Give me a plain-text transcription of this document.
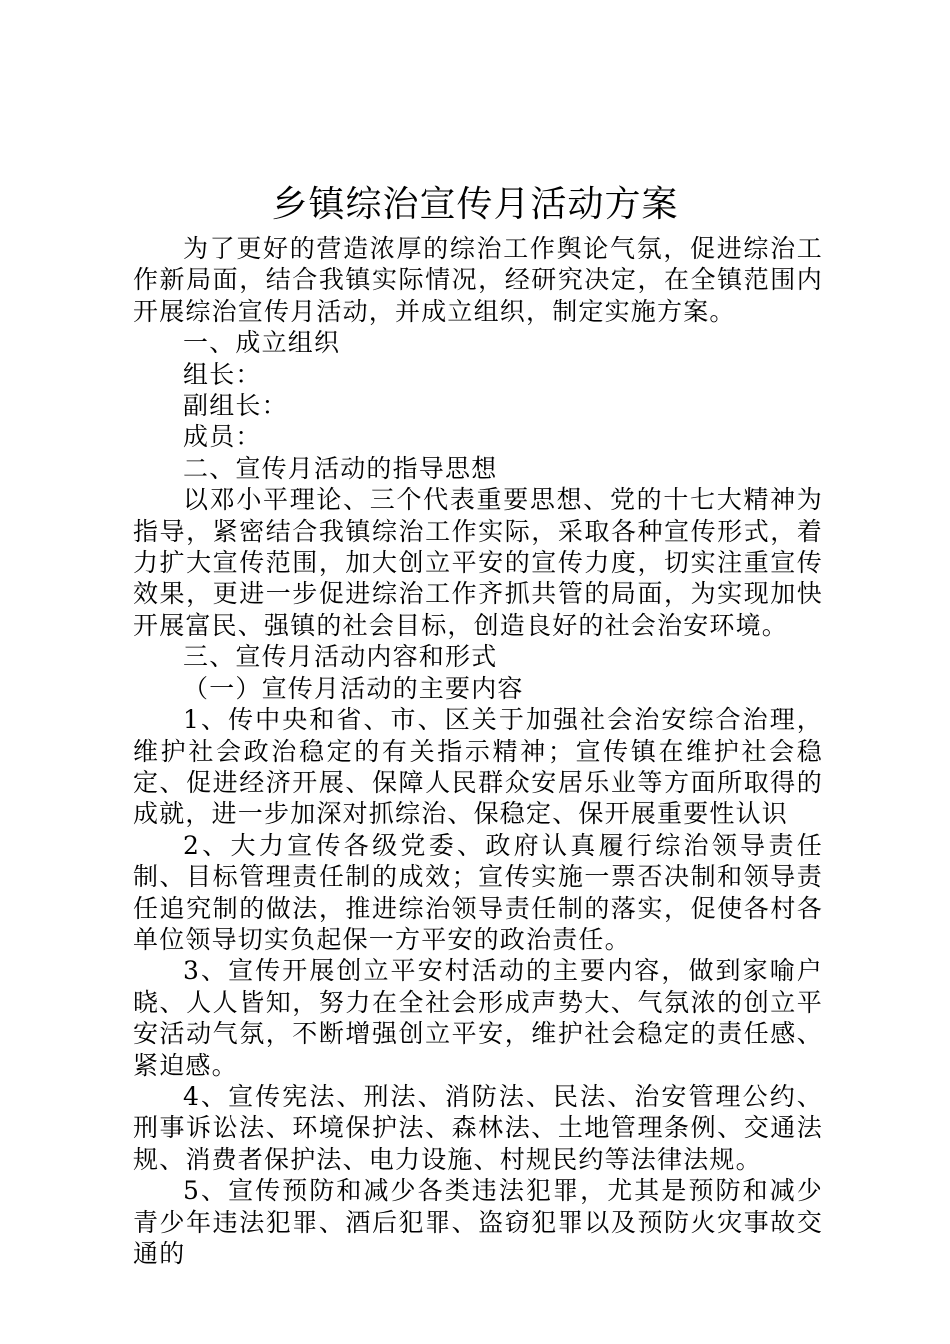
乡镇综治宣传月活动方案

为了更好的营造浓厚的综治工作舆论气氛，促进综治工作新局面，结合我镇实际情况，经研究决定，在全镇范围内开展综治宣传月活动，并成立组织，制定实施方案。

一、成立组织

组长：

副组长：

成员：

二、宣传月活动的指导思想

以邓小平理论、三个代表重要思想、党的十七大精神为指导，紧密结合我镇综治工作实际，采取各种宣传形式，着力扩大宣传范围，加大创立平安的宣传力度，切实注重宣传效果，更进一步促进综治工作齐抓共管的局面，为实现加快开展富民、强镇的社会目标，创造良好的社会治安环境。

三、宣传月活动内容和形式

（一）宣传月活动的主要内容

1、传中央和省、市、区关于加强社会治安综合治理，维护社会政治稳定的有关指示精神；宣传镇在维护社会稳定、促进经济开展、保障人民群众安居乐业等方面所取得的成就，进一步加深对抓综治、保稳定、保开展重要性认识

2、大力宣传各级党委、政府认真履行综治领导责任制、目标管理责任制的成效；宣传实施一票否决制和领导责任追究制的做法，推进综治领导责任制的落实，促使各村各单位领导切实负起保一方平安的政治责任。

3、宣传开展创立平安村活动的主要内容，做到家喻户晓、人人皆知，努力在全社会形成声势大、气氛浓的创立平安活动气氛，不断增强创立平安，维护社会稳定的责任感、紧迫感。

4、宣传宪法、刑法、消防法、民法、治安管理公约、刑事诉讼法、环境保护法、森林法、土地管理条例、交通法规、消费者保护法、电力设施、村规民约等法律法规。

5、宣传预防和减少各类违法犯罪，尤其是预防和减少青少年违法犯罪、酒后犯罪、盗窃犯罪以及预防火灾事故交通的
